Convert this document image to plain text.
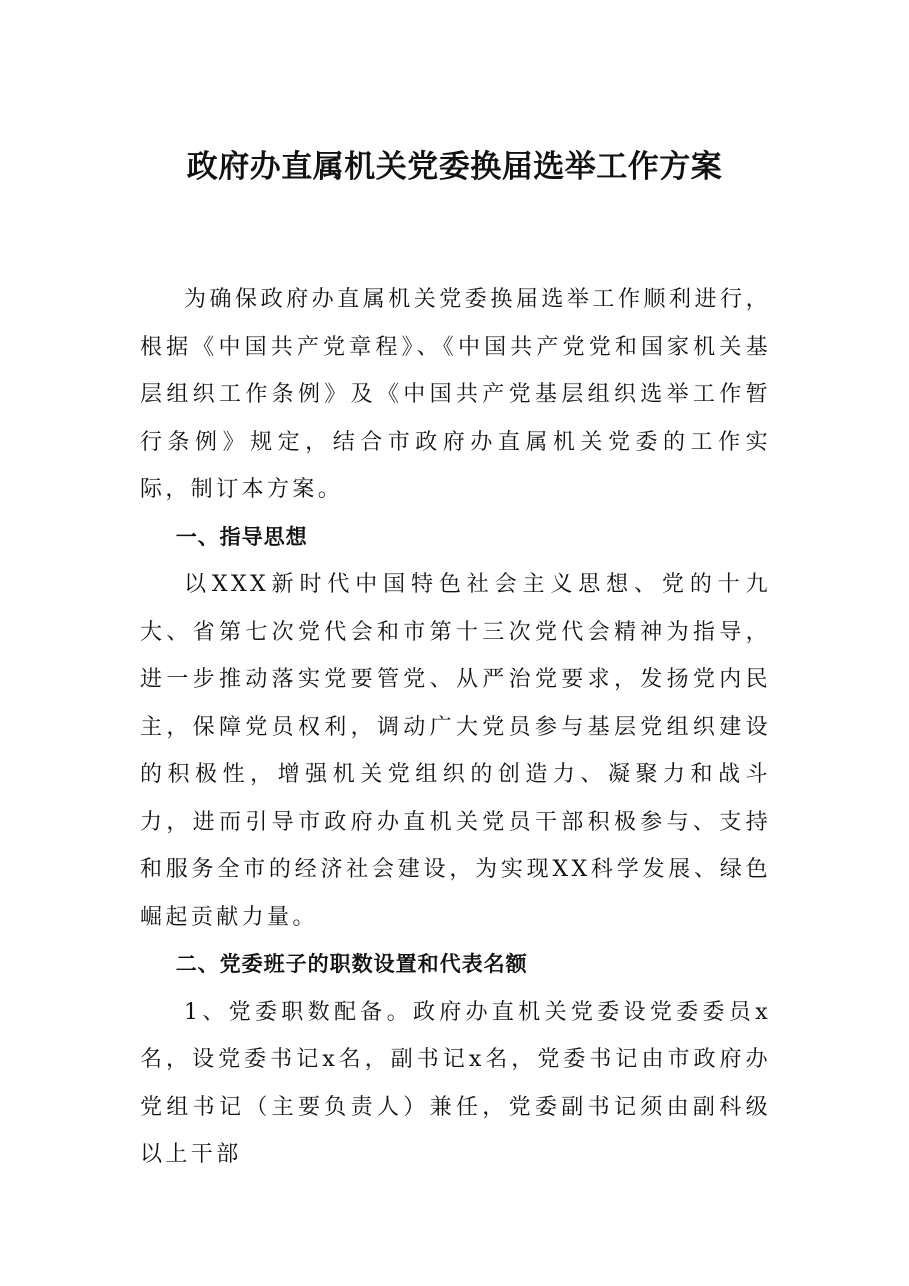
政府办直属机关党委换届选举工作方案

为确保政府办直属机关党委换届选举工作顺利进行，根据《中国共产党章程》、《中国共产党党和国家机关基层组织工作条例》及《中国共产党基层组织选举工作暂行条例》规定，结合市政府办直属机关党委的工作实际，制订本方案。

一、指导思想

以XXX新时代中国特色社会主义思想、党的十九大、省第七次党代会和市第十三次党代会精神为指导，进一步推动落实党要管党、从严治党要求，发扬党内民主，保障党员权利，调动广大党员参与基层党组织建设的积极性，增强机关党组织的创造力、凝聚力和战斗力，进而引导市政府办直机关党员干部积极参与、支持和服务全市的经济社会建设，为实现XX科学发展、绿色崛起贡献力量。

二、党委班子的职数设置和代表名额

1、党委职数配备。政府办直机关党委设党委委员x名，设党委书记x名，副书记x名，党委书记由市政府办党组书记（主要负责人）兼任，党委副书记须由副科级以上干部
